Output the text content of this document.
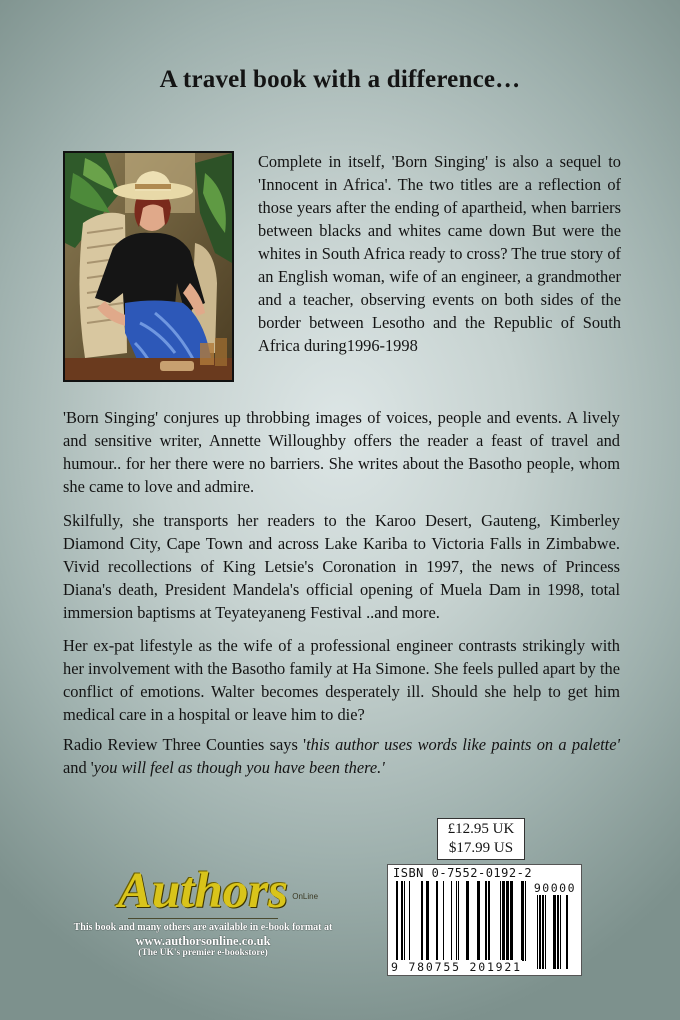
A travel book with a difference…
Complete in itself, 'Born Singing' is also a sequel to 'Innocent in Africa'. The two titles are a reflection of those years after the ending of apartheid, when barriers between blacks and whites came down But were the whites in South Africa ready to cross? The true story of an English woman, wife of an engineer, a grandmother and a teacher, observing events on both sides of the border between Lesotho and the Republic of South Africa during1996-1998

'Born Singing' conjures up throbbing images of voices, people and events. A lively and sensitive writer, Annette Willoughby offers the reader a feast of travel and humour.. for her there were no barriers. She writes about the Basotho people, whom she came to love and admire.

Skilfully, she transports her readers to the Karoo Desert, Gauteng, Kimberley Diamond City, Cape Town and across Lake Kariba to Victoria Falls in Zimbabwe. Vivid recollections of King Letsie's Coronation in 1997, the news of Princess Diana's death, President Mandela's official opening of Muela Dam in 1998, total immersion baptisms at Teyateyaneng Festival ..and more.

Her ex-pat lifestyle as the wife of a professional engineer contrasts strikingly with her involvement with the Basotho family at Ha Simone. She feels pulled apart by the conflict of emotions. Walter becomes desperately ill. Should she help to get him medical care in a hospital or leave him to die?

Radio Review Three Counties says 'this author uses words like paints on a palette' and 'you will feel as though you have been there.'

£12.95 UK
$17.99 US
ISBN 0-7552-0192-2
90000
9 780755 201921
Authors OnLine
This book and many others are available in e-book format at
www.authorsonline.co.uk
(The UK's premier e-bookstore)
